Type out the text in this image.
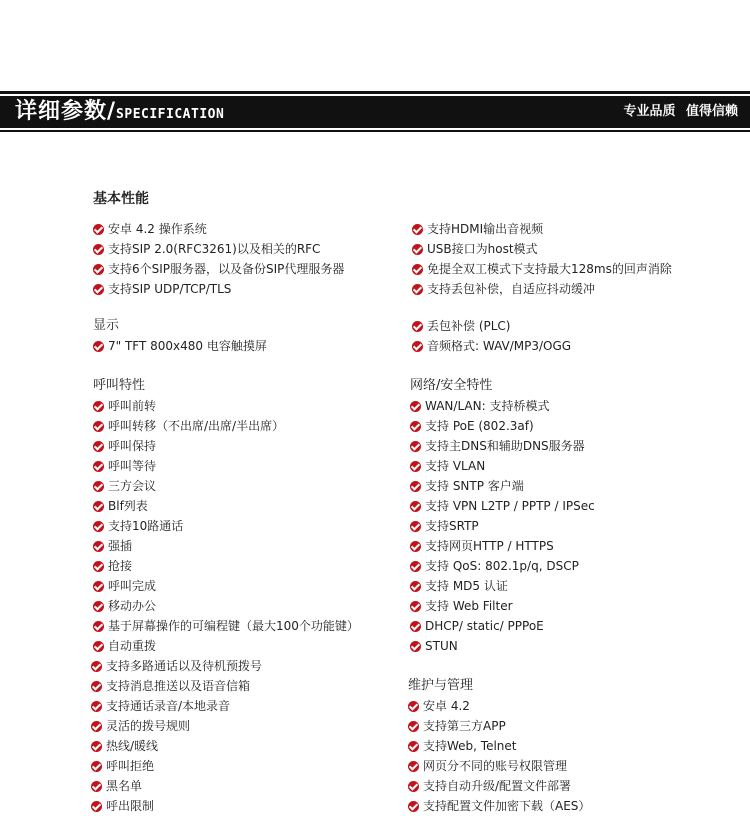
详细参数/SPECIFICATION	专业品质 值得信赖
基本性能
安卓 4.2 操作系统
支持SIP 2.0(RFC3261)以及相关的RFC
支持6个SIP服务器，以及备份SIP代理服务器
支持SIP UDP/TCP/TLS
显示
7" TFT 800x480 电容触摸屏
呼叫特性
呼叫前转
呼叫转移（不出席/出席/半出席）
呼叫保持
呼叫等待
三方会议
Blf列表
支持10路通话
强插
抢接
呼叫完成
移动办公
基于屏幕操作的可编程键（最大100个功能键）
自动重拨
支持多路通话以及待机预拨号
支持消息推送以及语音信箱
支持通话录音/本地录音
灵活的拨号规则
热线/暖线
呼叫拒绝
黑名单
呼出限制
支持HDMI输出音视频
USB接口为host模式
免提全双工模式下支持最大128ms的回声消除
支持丢包补偿，自适应抖动缓冲
丢包补偿 (PLC)
音频格式: WAV/MP3/OGG
网络/安全特性
WAN/LAN: 支持桥模式
支持 PoE (802.3af)
支持主DNS和辅助DNS服务器
支持 VLAN
支持 SNTP 客户端
支持 VPN L2TP / PPTP / IPSec
支持SRTP
支持网页HTTP / HTTPS
支持 QoS: 802.1p/q, DSCP
支持 MD5 认证
支持 Web Filter
DHCP/ static/ PPPoE
STUN
维护与管理
安卓 4.2
支持第三方APP
支持Web, Telnet
网页分不同的账号权限管理
支持自动升级/配置文件部署
支持配置文件加密下载（AES）
